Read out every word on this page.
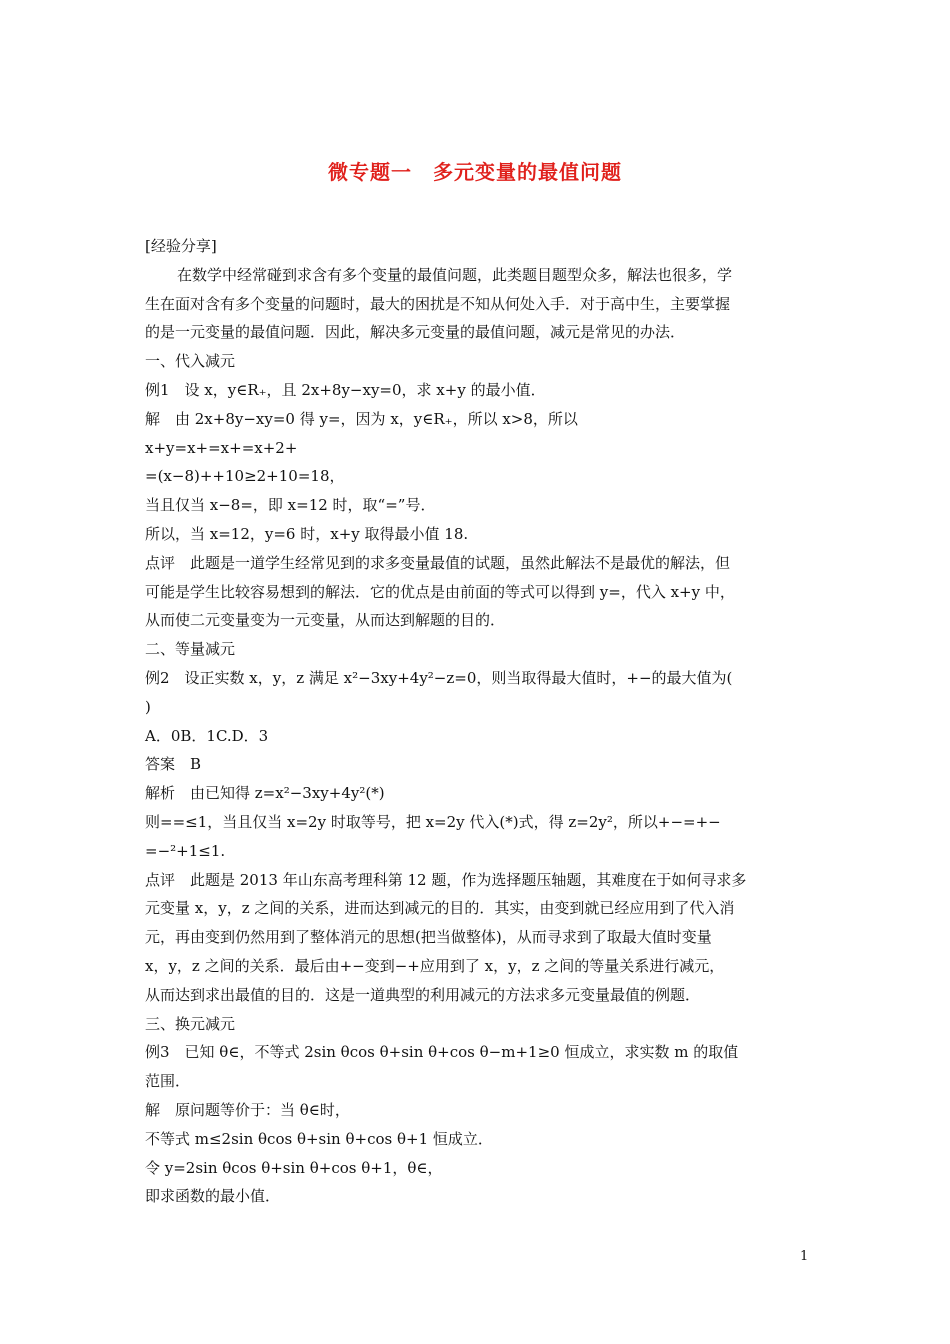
微专题一　多元变量的最值问题
[经验分享]
在数学中经常碰到求含有多个变量的最值问题，此类题目题型众多，解法也很多，学
生在面对含有多个变量的问题时，最大的困扰是不知从何处入手．对于高中生，主要掌握
的是一元变量的最值问题．因此，解决多元变量的最值问题，减元是常见的办法．
一、代入减元
例1　设 x，y∈R₊，且 2x+8y−xy=0，求 x+y 的最小值．
解　由 2x+8y−xy=0 得 y=，因为 x，y∈R₊，所以 x>8，所以
x+y=x+=x+=x+2+
=(x−8)++10≥2+10=18，
当且仅当 x−8=，即 x=12 时，取“=”号．
所以，当 x=12，y=6 时，x+y 取得最小值 18.
点评　此题是一道学生经常见到的求多变量最值的试题，虽然此解法不是最优的解法，但
可能是学生比较容易想到的解法．它的优点是由前面的等式可以得到 y=，代入 x+y 中，
从而使二元变量变为一元变量，从而达到解题的目的．
二、等量减元
例2　设正实数 x，y，z 满足 x²−3xy+4y²−z=0，则当取得最大值时，+−的最大值为(
)
A．0B．1C.D．3
答案　B
解析　由已知得 z=x²−3xy+4y²(*)
则==≤1，当且仅当 x=2y 时取等号，把 x=2y 代入(*)式，得 z=2y²，所以+−=+−
=−²+1≤1.
点评　此题是 2013 年山东高考理科第 12 题，作为选择题压轴题，其难度在于如何寻求多
元变量 x，y，z 之间的关系，进而达到减元的目的．其实，由变到就已经应用到了代入消
元，再由变到仍然用到了整体消元的思想(把当做整体)，从而寻求到了取最大值时变量
x，y，z 之间的关系．最后由+−变到−+应用到了 x，y，z 之间的等量关系进行减元，
从而达到求出最值的目的．这是一道典型的利用减元的方法求多元变量最值的例题．
三、换元减元
例3　已知 θ∈，不等式 2sin θcos θ+sin θ+cos θ−m+1≥0 恒成立，求实数 m 的取值
范围．
解　原问题等价于：当 θ∈时，
不等式 m≤2sin θcos θ+sin θ+cos θ+1 恒成立．
令 y=2sin θcos θ+sin θ+cos θ+1，θ∈，
即求函数的最小值．
1
